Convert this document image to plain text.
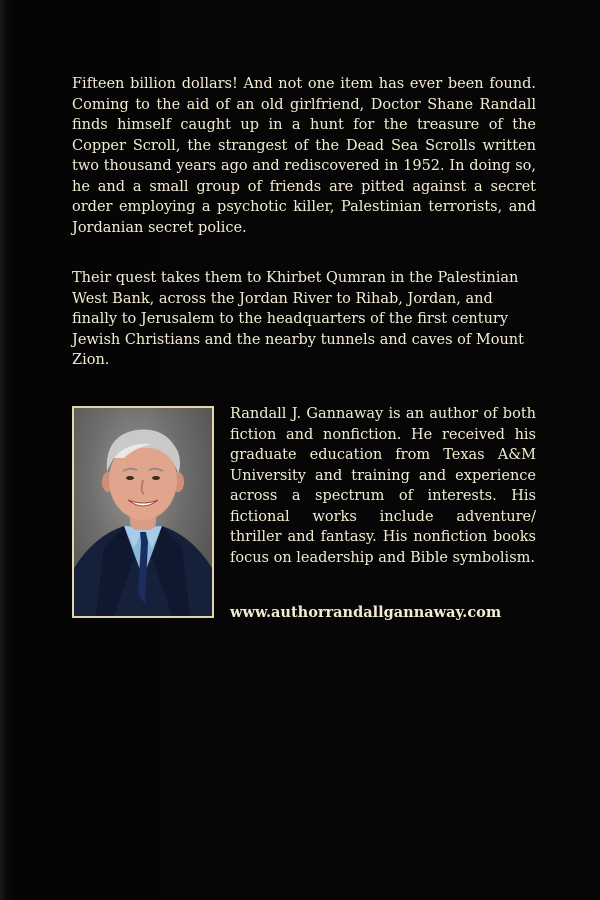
Fifteen billion dollars! And not one item has ever been found. Coming to the aid of an old girlfriend, Doctor Shane Randall finds himself caught up in a hunt for the treasure of the Copper Scroll, the strangest of the Dead Sea Scrolls written two thousand years ago and rediscovered in 1952. In doing so, he and a small group of friends are pitted against a secret order employing a psychotic killer, Palestinian terrorists, and Jordanian secret police.

Their quest takes them to Khirbet Qumran in the Palestinian West Bank, across the Jordan River to Rihab, Jordan, and finally to Jerusalem to the headquarters of the first century Jewish Christians and the nearby tunnels and caves of Mount Zion.

Randall J. Gannaway is an author of both fiction and nonfiction. He received his graduate education from Texas A&M University and training and experience across a spectrum of interests. His fictional works include adventure/ thriller and fantasy. His nonfiction books focus on leadership and Bible symbolism.

www.authorrandallgannaway.com
